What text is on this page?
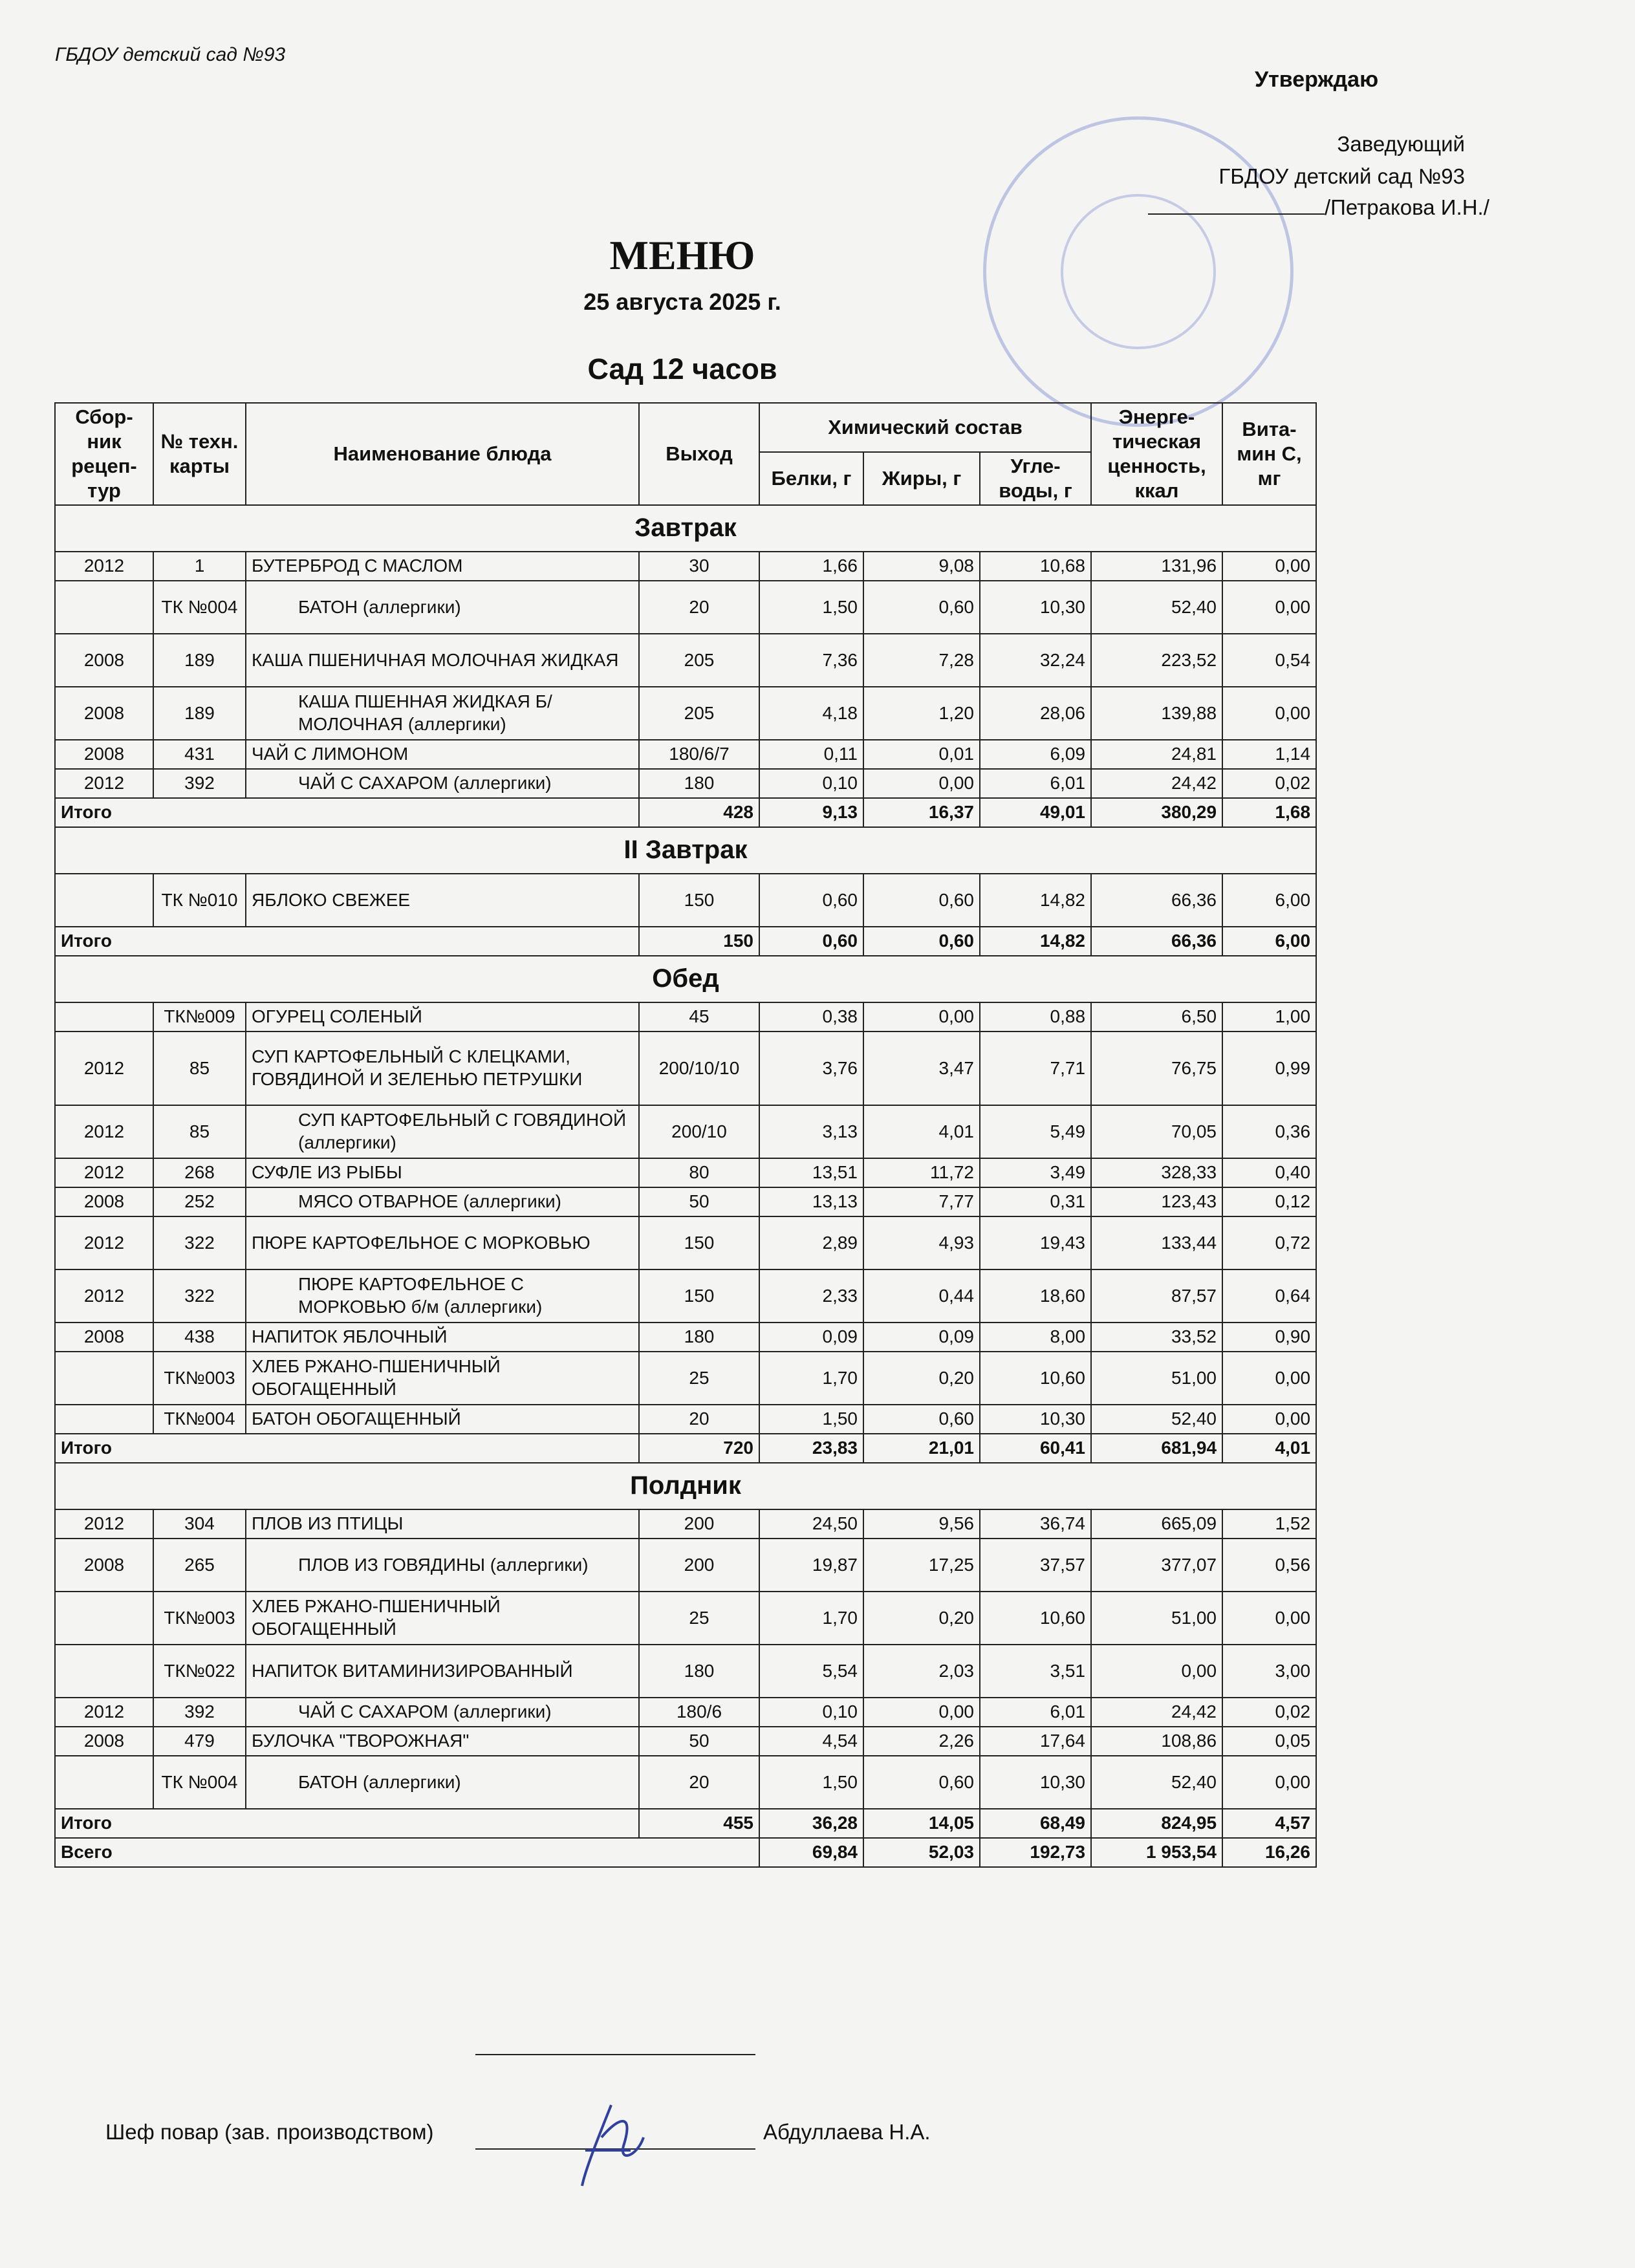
ГБДОУ детский сад №93
Утверждаю
Заведующий
ГБДОУ детский сад №93
/Петракова И.Н./
МЕНЮ
25 августа 2025 г.
Сад 12 часов
Сбор-ник рецеп-тур	№ техн. карты	Наименование блюда	Выход	Химический состав			Энерге-тическая ценность, ккал	Вита-мин С, мг
				Белки, г	Жиры, г	Угле-воды, г		
Завтрак								
2012	1	БУТЕРБРОД С МАСЛОМ	30	1,66	9,08	10,68	131,96	0,00
	ТК №004	БАТОН (аллергики)	20	1,50	0,60	10,30	52,40	0,00
2008	189	КАША ПШЕНИЧНАЯ МОЛОЧНАЯ ЖИДКАЯ	205	7,36	7,28	32,24	223,52	0,54
2008	189	КАША ПШЕННАЯ ЖИДКАЯ Б/МОЛОЧНАЯ (аллергики)	205	4,18	1,20	28,06	139,88	0,00
2008	431	ЧАЙ С ЛИМОНОМ	180/6/7	0,11	0,01	6,09	24,81	1,14
2012	392	ЧАЙ С САХАРОМ (аллергики)	180	0,10	0,00	6,01	24,42	0,02
Итого			428	9,13	16,37	49,01	380,29	1,68
II Завтрак								
	ТК №010	ЯБЛОКО СВЕЖЕЕ	150	0,60	0,60	14,82	66,36	6,00
Итого			150	0,60	0,60	14,82	66,36	6,00
Обед								
	ТК№009	ОГУРЕЦ СОЛЕНЫЙ	45	0,38	0,00	0,88	6,50	1,00
2012	85	СУП КАРТОФЕЛЬНЫЙ С КЛЕЦКАМИ, ГОВЯДИНОЙ И ЗЕЛЕНЬЮ ПЕТРУШКИ	200/10/10	3,76	3,47	7,71	76,75	0,99
2012	85	СУП КАРТОФЕЛЬНЫЙ С ГОВЯДИНОЙ (аллергики)	200/10	3,13	4,01	5,49	70,05	0,36
2012	268	СУФЛЕ ИЗ РЫБЫ	80	13,51	11,72	3,49	328,33	0,40
2008	252	МЯСО ОТВАРНОЕ (аллергики)	50	13,13	7,77	0,31	123,43	0,12
2012	322	ПЮРЕ КАРТОФЕЛЬНОЕ С МОРКОВЬЮ	150	2,89	4,93	19,43	133,44	0,72
2012	322	ПЮРЕ КАРТОФЕЛЬНОЕ С МОРКОВЬЮ б/м (аллергики)	150	2,33	0,44	18,60	87,57	0,64
2008	438	НАПИТОК ЯБЛОЧНЫЙ	180	0,09	0,09	8,00	33,52	0,90
	ТК№003	ХЛЕБ РЖАНО-ПШЕНИЧНЫЙ ОБОГАЩЕННЫЙ	25	1,70	0,20	10,60	51,00	0,00
	ТК№004	БАТОН ОБОГАЩЕННЫЙ	20	1,50	0,60	10,30	52,40	0,00
Итого			720	23,83	21,01	60,41	681,94	4,01
Полдник								
2012	304	ПЛОВ ИЗ ПТИЦЫ	200	24,50	9,56	36,74	665,09	1,52
2008	265	ПЛОВ ИЗ ГОВЯДИНЫ (аллергики)	200	19,87	17,25	37,57	377,07	0,56
	ТК№003	ХЛЕБ РЖАНО-ПШЕНИЧНЫЙ ОБОГАЩЕННЫЙ	25	1,70	0,20	10,60	51,00	0,00
	ТК№022	НАПИТОК ВИТАМИНИЗИРОВАННЫЙ	180	5,54	2,03	3,51	0,00	3,00
2012	392	ЧАЙ С САХАРОМ (аллергики)	180/6	0,10	0,00	6,01	24,42	0,02
2008	479	БУЛОЧКА "ТВОРОЖНАЯ"	50	4,54	2,26	17,64	108,86	0,05
	ТК №004	БАТОН (аллергики)	20	1,50	0,60	10,30	52,40	0,00
Итого			455	36,28	14,05	68,49	824,95	4,57
Всего				69,84	52,03	192,73	1 953,54	16,26
Шеф повар (зав. производством)	Абдуллаева Н.А.
